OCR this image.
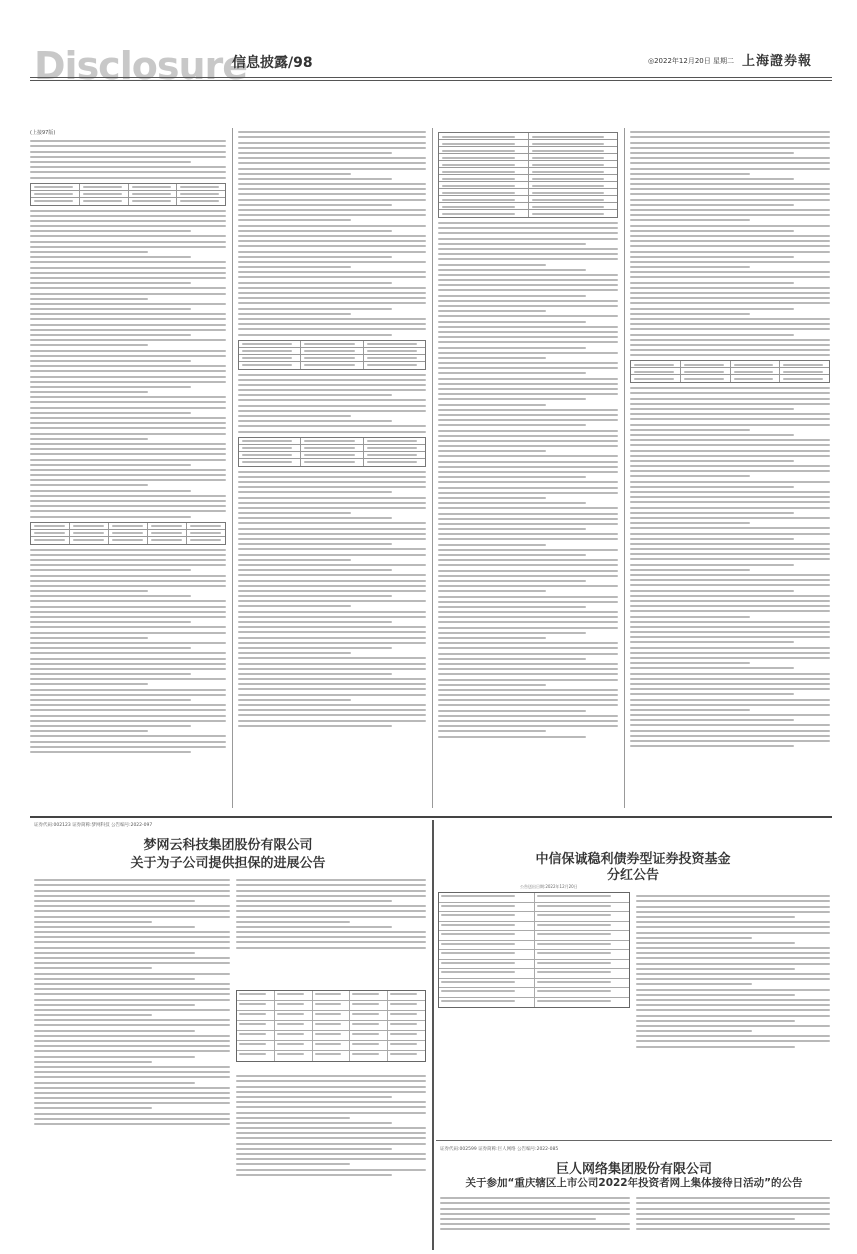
Disclosure
信息披露/98	◎2022年12月20日 星期二 上海證券報
(上接97版)
证券代码:002123 证券简称:梦网科技 公告编号:2022-097
梦网云科技集团股份有限公司
关于为子公司提供担保的进展公告	中信保诚稳利债券型证券投资基金
分红公告
公告送出日期:2022年12月20日
证券代码:002599 证券简称:巨人网络 公告编号:2022-085
巨人网络集团股份有限公司
关于参加“重庆辖区上市公司2022年投资者网上集体接待日活动”的公告
